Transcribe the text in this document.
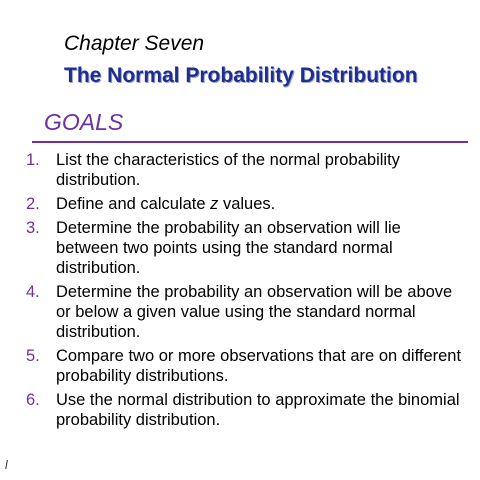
Chapter Seven
The Normal Probability Distribution
GOALS
1. List the characteristics of the normal probability distribution.
2. Define and calculate z values.
3. Determine the probability an observation will lie between two points using the standard normal distribution.
4. Determine the probability an observation will be above or below a given value using the standard normal distribution.
5. Compare two or more observations that are on different probability distributions.
6. Use the normal distribution to approximate the binomial probability distribution.
l
